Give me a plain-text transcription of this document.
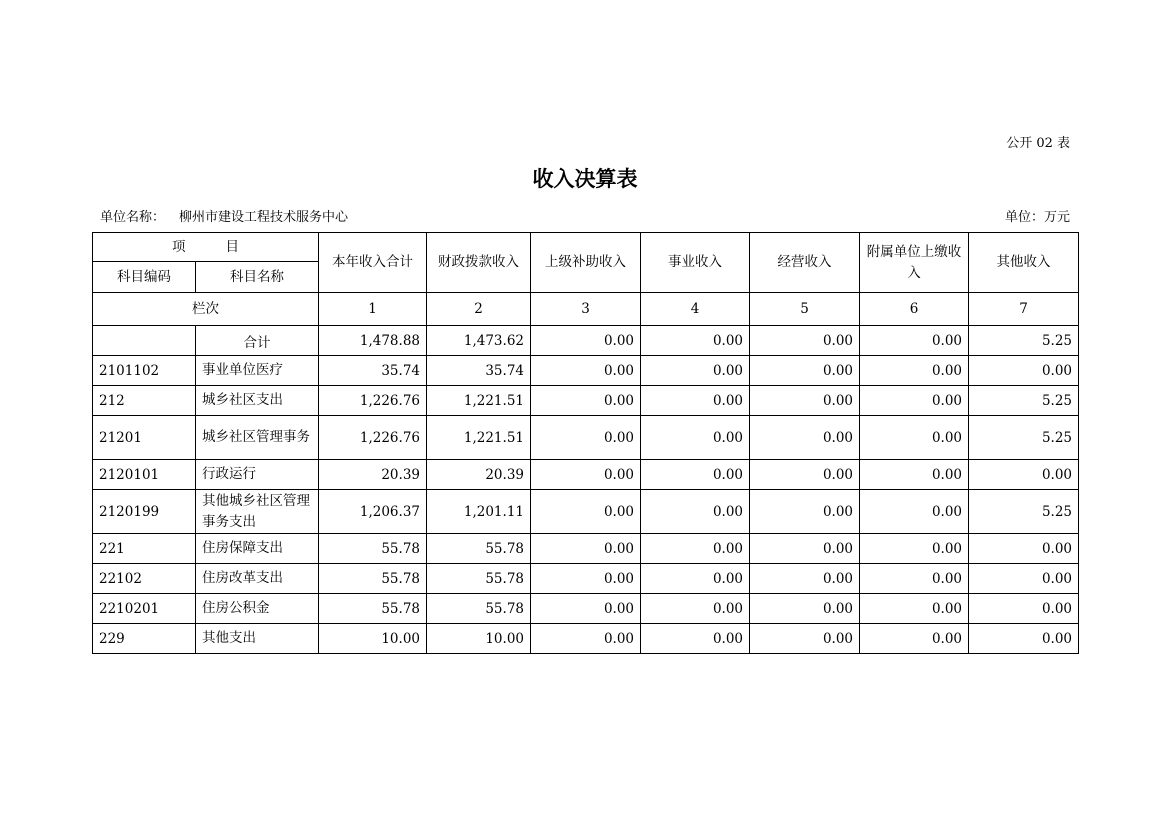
公开 02 表
收入决算表
单位名称： 柳州市建设工程技术服务中心	单位：万元
项 目		本年收入合计	财政拨款收入	上级补助收入	事业收入	经营收入	附属单位上缴收入	其他收入
科目编码	科目名称							
栏次		1	2	3	4	5	6	7
	合计	1,478.88	1,473.62	0.00	0.00	0.00	0.00	5.25
2101102	事业单位医疗	35.74	35.74	0.00	0.00	0.00	0.00	0.00
212	城乡社区支出	1,226.76	1,221.51	0.00	0.00	0.00	0.00	5.25
21201	城乡社区管理事务	1,226.76	1,221.51	0.00	0.00	0.00	0.00	5.25
2120101	行政运行	20.39	20.39	0.00	0.00	0.00	0.00	0.00
2120199	其他城乡社区管理事务支出	1,206.37	1,201.11	0.00	0.00	0.00	0.00	5.25
221	住房保障支出	55.78	55.78	0.00	0.00	0.00	0.00	0.00
22102	住房改革支出	55.78	55.78	0.00	0.00	0.00	0.00	0.00
2210201	住房公积金	55.78	55.78	0.00	0.00	0.00	0.00	0.00
229	其他支出	10.00	10.00	0.00	0.00	0.00	0.00	0.00
